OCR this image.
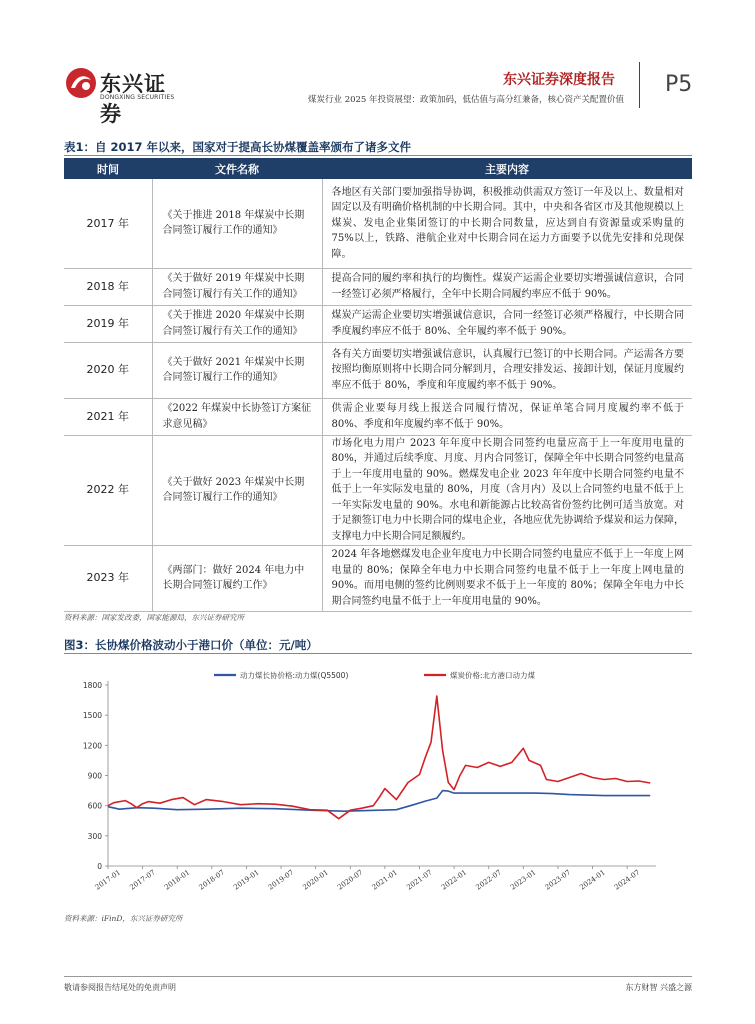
东兴证券
DONGXING SECURITIES
东兴证券深度报告 P5
煤炭行业 2025 年投资展望：政策加码，低估值与高分红兼备，核心资产关配置价值
表1：自 2017 年以来，国家对于提高长协煤覆盖率颁布了诸多文件
时间	文件名称	主要内容
2017 年	《关于推进 2018 年煤炭中长期合同签订履行工作的通知》	各地区有关部门要加强指导协调，积极推动供需双方签订一年及以上、数量相对固定以及有明确价格机制的中长期合同。其中，中央和各省区市及其他规模以上煤炭、发电企业集团签订的中长期合同数量，应达到自有资源量或采购量的 75%以上，铁路、港航企业对中长期合同在运力方面要予以优先安排和兑现保障。
2018 年	《关于做好 2019 年煤炭中长期合同签订履行有关工作的通知》	提高合同的履约率和执行的均衡性。煤炭产运需企业要切实增强诚信意识，合同一经签订必须严格履行，全年中长期合同履约率应不低于 90%。
2019 年	《关于推进 2020 年煤炭中长期合同签订履行有关工作的通知》	煤炭产运需企业要切实增强诚信意识，合同一经签订必须严格履行，中长期合同季度履约率应不低于 80%、全年履约率不低于 90%。
2020 年	《关于做好 2021 年煤炭中长期合同签订履行工作的通知》	各有关方面要切实增强诚信意识，认真履行已签订的中长期合同。产运需各方要按照均衡原则将中长期合同分解到月，合理安排发运、接卸计划，保证月度履约率应不低于 80%，季度和年度履约率不低于 90%。
2021 年	《2022 年煤炭中长协签订方案征求意见稿》	供需企业要每月线上报送合同履行情况，保证单笔合同月度履约率不低于 80%、季度和年度履约率不低于 90%。
2022 年	《关于做好 2023 年煤炭中长期合同签订履行工作的通知》	市场化电力用户 2023 年年度中长期合同签约电量应高于上一年度用电量的 80%，并通过后续季度、月度、月内合同签订，保障全年中长期合同签约电量高于上一年度用电量的 90%。燃煤发电企业 2023 年年度中长期合同签约电量不低于上一年实际发电量的 80%，月度（含月内）及以上合同签约电量不低于上一年实际发电量的 90%。水电和新能源占比较高省份签约比例可适当放宽。对于足额签订电力中长期合同的煤电企业，各地应优先协调给予煤炭和运力保障，支撑电力中长期合同足额履约。
2023 年	《两部门：做好 2024 年电力中长期合同签订履约工作》	2024 年各地燃煤发电企业年度电力中长期合同签约电量应不低于上一年度上网电量的 80%；保障全年电力中长期合同签约电量不低于上一年度上网电量的 90%。而用电侧的签约比例则要求不低于上一年度的 80%；保障全年电力中长期合同签约电量不低于上一年度用电量的 90%。
资料来源：国家发改委，国家能源局，东兴证券研究所
图3：长协煤价格波动小于港口价（单位：元/吨）
0
300
600
900
1200
1500
1800
2017-01 2017-07 2018-01 2018-07 2019-01 2019-07 2020-01 2020-07 2021-01 2021-07 2022-01 2022-07 2023-01 2023-07 2024-01 2024-07
动力煤长协价格:动力煤(Q5500)	煤炭价格:北方港口动力煤
资料来源：iFinD，东兴证券研究所
敬请参阅报告结尾处的免责声明	东方财智 兴盛之源
